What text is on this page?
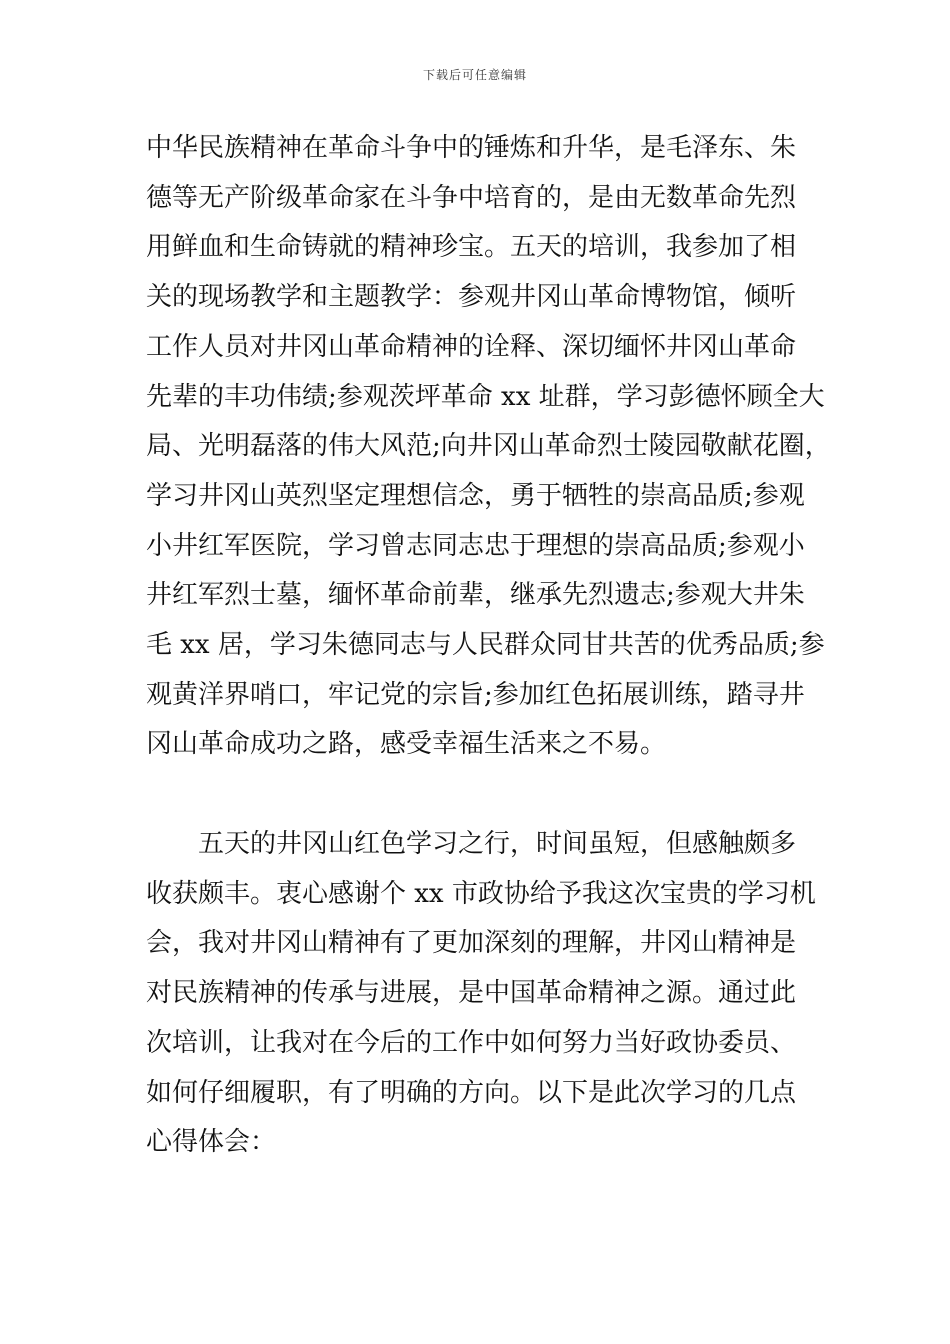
下载后可任意编辑

中华民族精神在革命斗争中的锤炼和升华，是毛泽东、朱
德等无产阶级革命家在斗争中培育的，是由无数革命先烈
用鲜血和生命铸就的精神珍宝。五天的培训，我参加了相
关的现场教学和主题教学：参观井冈山革命博物馆，倾听
工作人员对井冈山革命精神的诠释、深切缅怀井冈山革命
先辈的丰功伟绩;参观茨坪革命 xx 址群，学习彭德怀顾全大
局、光明磊落的伟大风范;向井冈山革命烈士陵园敬献花圈，
学习井冈山英烈坚定理想信念，勇于牺牲的崇高品质;参观
小井红军医院，学习曾志同志忠于理想的崇高品质;参观小
井红军烈士墓，缅怀革命前辈，继承先烈遗志;参观大井朱
毛 xx 居，学习朱德同志与人民群众同甘共苦的优秀品质;参
观黄洋界哨口，牢记党的宗旨;参加红色拓展训练，踏寻井
冈山革命成功之路，感受幸福生活来之不易。

五天的井冈山红色学习之行，时间虽短，但感触颇多
收获颇丰。衷心感谢个 xx 市政协给予我这次宝贵的学习机
会，我对井冈山精神有了更加深刻的理解，井冈山精神是
对民族精神的传承与进展，是中国革命精神之源。通过此
次培训，让我对在今后的工作中如何努力当好政协委员、
如何仔细履职，有了明确的方向。以下是此次学习的几点
心得体会：
